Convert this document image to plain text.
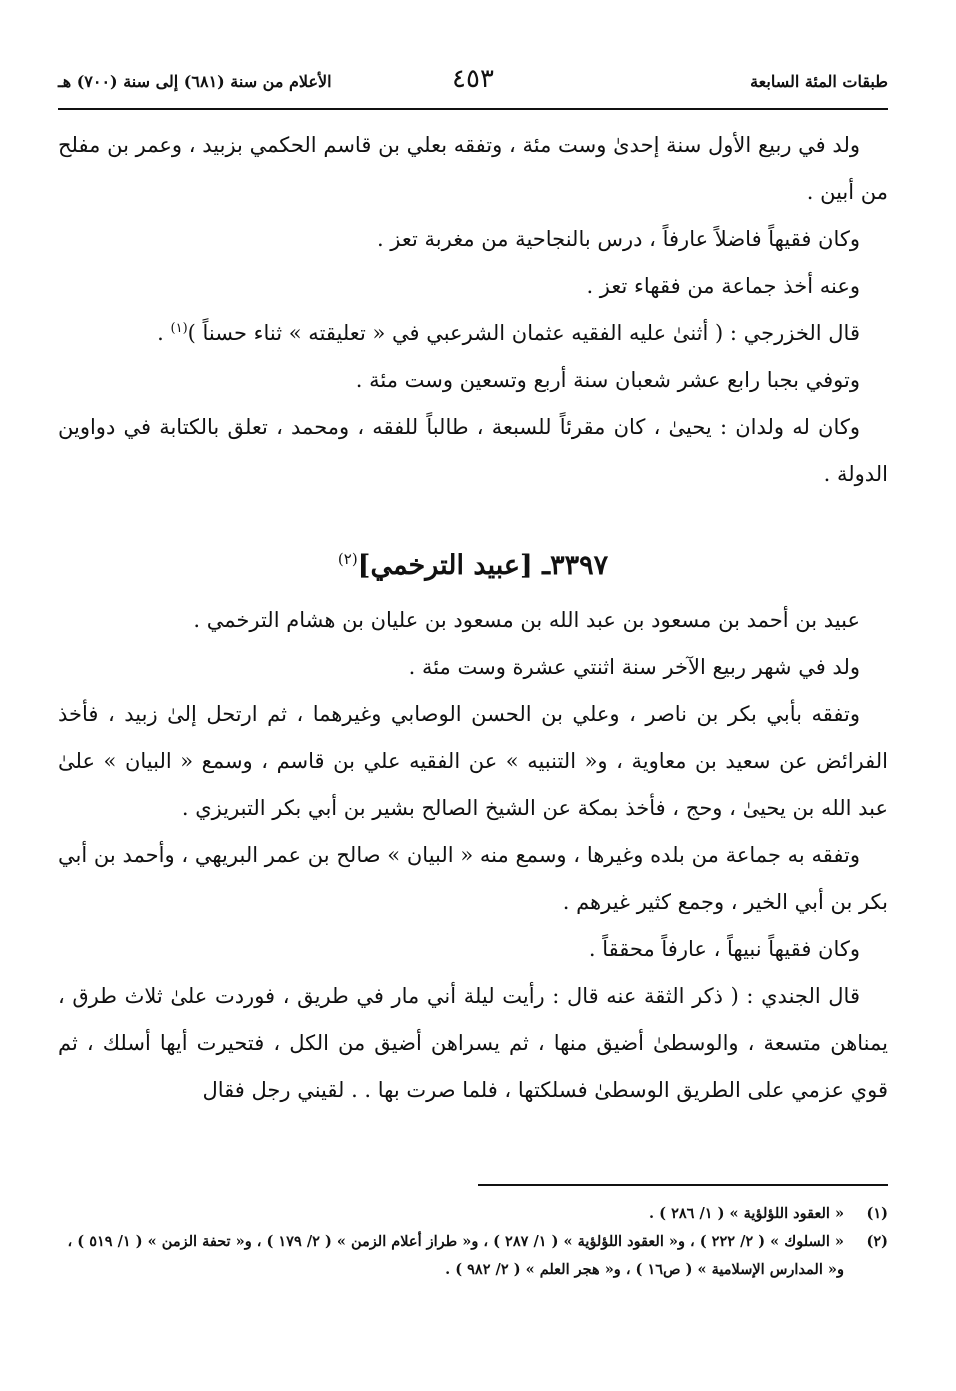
طبقات المئة السابعة
٤٥٣
الأعلام من سنة (٦٨١) إلى سنة (٧٠٠) هـ

ولد في ربيع الأول سنة إحدىٰ وست مئة ، وتفقه بعلي بن قاسم الحكمي بزبيد ، وعمر بن مفلح من أبين .

وكان فقيهاً فاضلاً عارفاً ، درس بالنجاحية من مغربة تعز .

وعنه أخذ جماعة من فقهاء تعز .

قال الخزرجي : ( أثنىٰ عليه الفقيه عثمان الشرعبي في « تعليقته » ثناء حسناً )$^{(١)}$ .

وتوفي بجبا رابع عشر شعبان سنة أربع وتسعين وست مئة .

وكان له ولدان : يحيىٰ ، كان مقرئاً للسبعة ، طالباً للفقه ، ومحمد ، تعلق بالكتابة في دواوين الدولة .

٣٣٩٧ـ [عبيد الترخمي]$^{(٢)}$

عبيد بن أحمد بن مسعود بن عبد الله بن مسعود بن عليان بن هشام الترخمي .

ولد في شهر ربيع الآخر سنة اثنتي عشرة وست مئة .

وتفقه بأبي بكر بن ناصر ، وعلي بن الحسن الوصابي وغيرهما ، ثم ارتحل إلىٰ زبيد ، فأخذ الفرائض عن سعيد بن معاوية ، و« التنبيه » عن الفقيه علي بن قاسم ، وسمع « البيان » علىٰ عبد الله بن يحيىٰ ، وحج ، فأخذ بمكة عن الشيخ الصالح بشير بن أبي بكر التبريزي .

وتفقه به جماعة من بلده وغيرها ، وسمع منه « البيان » صالح بن عمر البريهي ، وأحمد بن أبي بكر بن أبي الخير ، وجمع كثير غيرهم .

وكان فقيهاً نبيهاً ، عارفاً محققاً .

قال الجندي : ( ذكر الثقة عنه قال : رأيت ليلة أني مار في طريق ، فوردت علىٰ ثلاث طرق ، يمناهن متسعة ، والوسطىٰ أضيق منها ، ثم يسراهن أضيق من الكل ، فتحيرت أيها أسلك ، ثم قوي عزمي على الطريق الوسطىٰ فسلكتها ، فلما صرت بها . . لقيني رجل فقال

(١)
« العقود اللؤلؤية » ( ١/ ٢٨٦ ) .
(٢)
« السلوك » ( ٢/ ٢٢٢ ) ، و« العقود اللؤلؤية » ( ١/ ٢٨٧ ) ، و« طراز أعلام الزمن » ( ٢/ ١٧٩ ) ، و« تحفة الزمن » ( ١/ ٥١٩ ) ، و« المدارس الإسلامية » ( ص١٦ ) ، و« هجر العلم » ( ٢/ ٩٨٢ ) .
